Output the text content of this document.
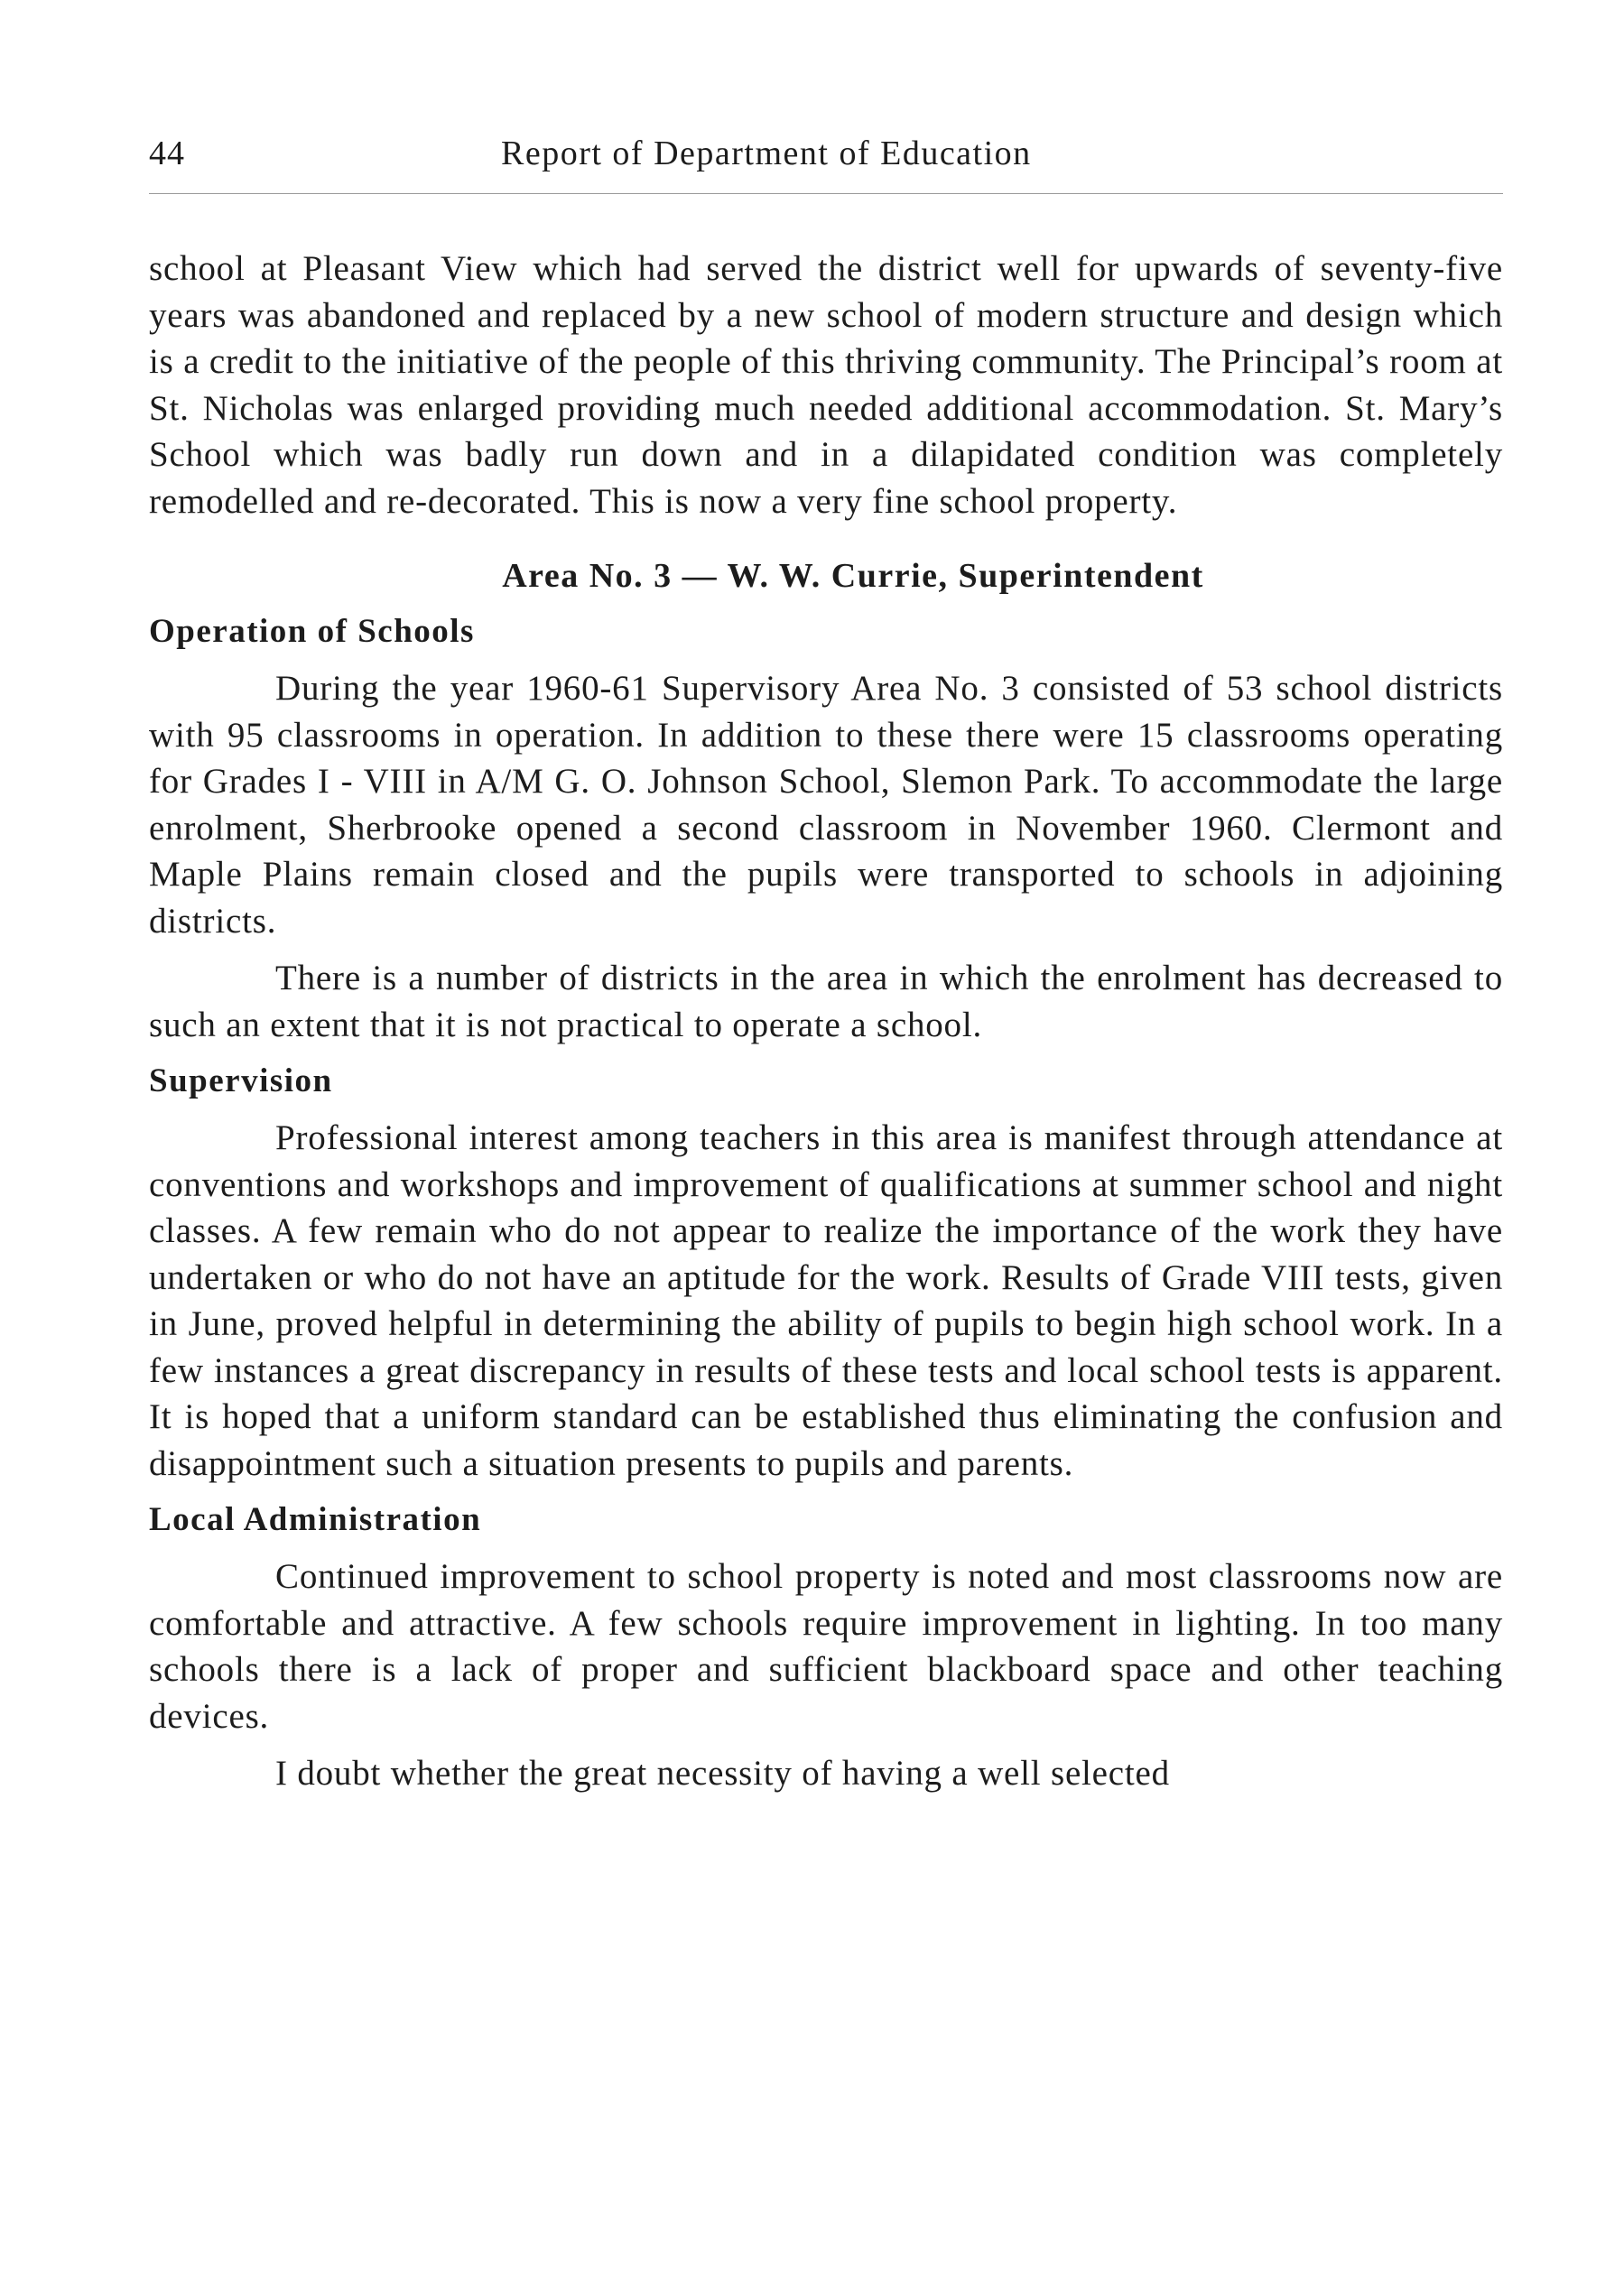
44	Report of Department of Education

school at Pleasant View which had served the district well for upwards of seventy-five years was abandoned and replaced by a new school of modern structure and design which is a credit to the initiative of the people of this thriving community. The Principal’s room at St. Nicholas was enlarged providing much needed additional accommodation. St. Mary’s School which was badly run down and in a dilapidated condition was completely remodelled and re-decorated. This is now a very fine school property.

Area No. 3 — W. W. Currie, Superintendent
Operation of Schools

During the year 1960-61 Supervisory Area No. 3 consisted of 53 school districts with 95 classrooms in operation. In addition to these there were 15 classrooms operating for Grades I - VIII in A/M G. O. Johnson School, Slemon Park. To accommodate the large enrolment, Sherbrooke opened a second classroom in November 1960. Clermont and Maple Plains remain closed and the pupils were transported to schools in adjoining districts.

There is a number of districts in the area in which the enrolment has decreased to such an extent that it is not practical to operate a school.

Supervision

Professional interest among teachers in this area is manifest through attendance at conventions and workshops and improvement of qualifications at summer school and night classes. A few remain who do not appear to realize the importance of the work they have undertaken or who do not have an aptitude for the work. Results of Grade VIII tests, given in June, proved helpful in determining the ability of pupils to begin high school work. In a few instances a great discrepancy in results of these tests and local school tests is apparent. It is hoped that a uniform standard can be established thus eliminating the confusion and disappointment such a situation presents to pupils and parents.

Local Administration

Continued improvement to school property is noted and most classrooms now are comfortable and attractive. A few schools require improvement in lighting. In too many schools there is a lack of proper and sufficient blackboard space and other teaching devices.

I doubt whether the great necessity of having a well selected
